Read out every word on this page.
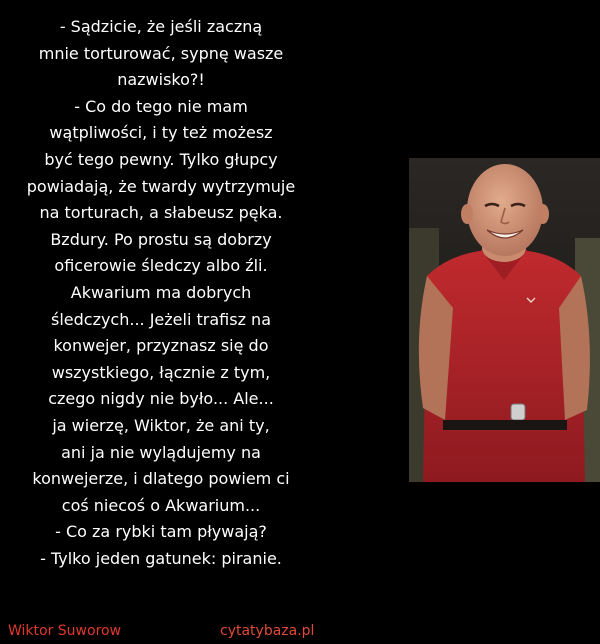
- Sądzicie, że jeśli zaczną
mnie torturować, sypnę wasze
nazwisko?!
- Co do tego nie mam
wątpliwości, i ty też możesz
być tego pewny. Tylko głupcy
powiadają, że twardy wytrzymuje
na torturach, a słabeusz pęka.
Bzdury. Po prostu są dobrzy
oficerowie śledczy albo źli.
Akwarium ma dobrych
śledczych... Jeżeli trafisz na
konwejer, przyznasz się do
wszystkiego, łącznie z tym,
czego nigdy nie było... Ale...
ja wierzę, Wiktor, że ani ty,
ani ja nie wylądujemy na
konwejerze, i dlatego powiem ci
coś niecoś o Akwarium...
- Co za rybki tam pływają?
- Tylko jeden gatunek: piranie.
Wiktor Suworow	cytatybaza.pl
